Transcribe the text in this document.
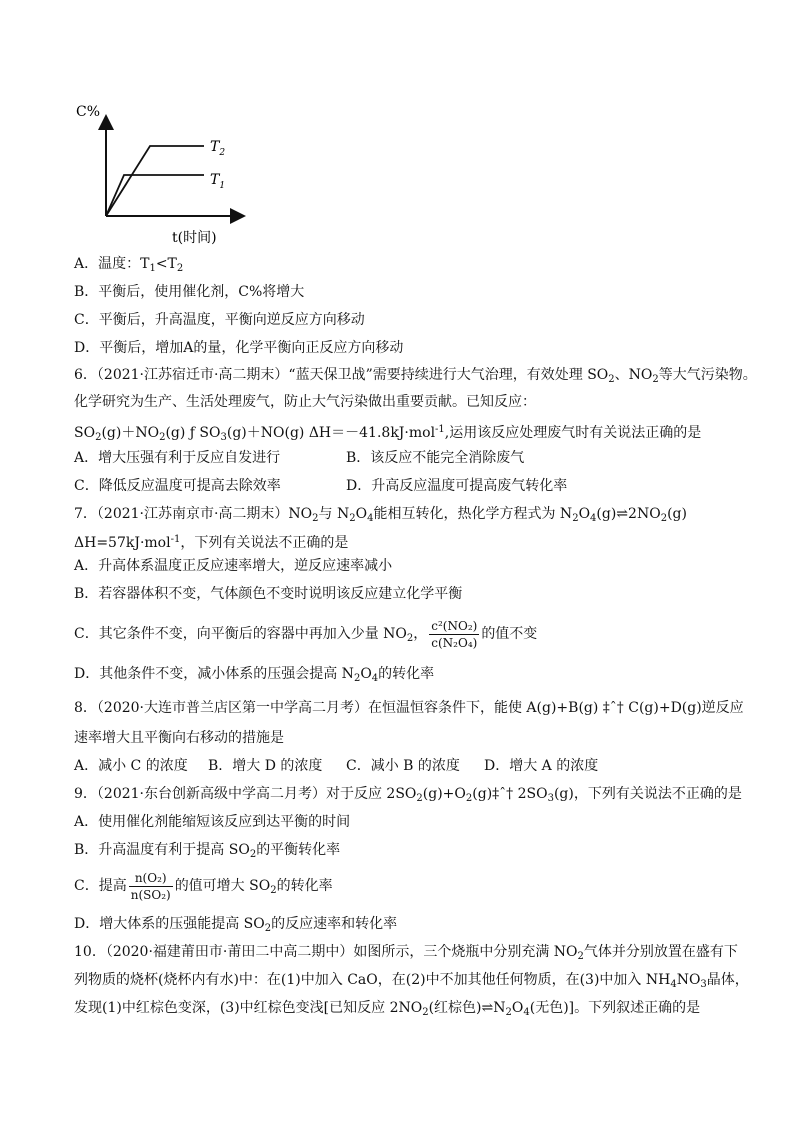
C%
$T_2$
$T_1$
t(时间)
A．温度：$T_1<T_2$
B．平衡后，使用催化剂，C%将增大
C．平衡后，升高温度，平衡向逆反应方向移动
D．平衡后，增加A的量，化学平衡向正反应方向移动
6．（2021·江苏宿迁市·高二期末）“蓝天保卫战”需要持续进行大气治理，有效处理 $SO_2$、$NO_2$等大气污染物。
化学研究为生产、生活处理废气，防止大气污染做出重要贡献。已知反应：
$SO_2(g)+NO_2(g)$ ƒ $SO_3(g)+NO(g)$ ΔH＝－41.8kJ·mol$^{-1}$,运用该反应处理废气时有关说法正确的是
A．增大压强有利于反应自发进行	B．该反应不能完全消除废气
C．降低反应温度可提高去除效率	D．升高反应温度可提高废气转化率
7．（2021·江苏南京市·高二期末）$NO_2$与 $N_2O_4$能相互转化，热化学方程式为 $N_2O_4(g)\rightleftharpoons 2NO_2(g)$
ΔH=57kJ·mol$^{-1}$，下列有关说法不正确的是
A．升高体系温度正反应速率增大，逆反应速率减小
B．若容器体积不变，气体颜色不变时说明该反应建立化学平衡
C．其它条件不变，向平衡后的容器中再加入少量 $NO_2$， $\frac{\text{c²(NO₂)}}{\text{c(N₂O₄)}}$ 的值不变
D．其他条件不变，减小体系的压强会提高 $N_2O_4$的转化率
8．（2020·大连市普兰店区第一中学高二月考）在恒温恒容条件下，能使 A(g)+B(g) ‡ˆ† C(g)+D(g)逆反应
速率增大且平衡向右移动的措施是
A．减小 C 的浓度 B．增大 D 的浓度 C．减小 B 的浓度 D．增大 A 的浓度
9．（2021·东台创新高级中学高二月考）对于反应 $2SO_2(g)+O_2(g)\ddagger ˆ\dagger$ $2SO_3(g)$，下列有关说法不正确的是
A．使用催化剂能缩短该反应到达平衡的时间
B．升高温度有利于提高 $SO_2$的平衡转化率
C．提高 $\frac{\text{n(O₂)}}{\text{n(SO₂)}}$ 的值可增大 $SO_2$的转化率
D．增大体系的压强能提高 $SO_2$的反应速率和转化率
10．（2020·福建莆田市·莆田二中高二期中）如图所示，三个烧瓶中分别充满 $NO_2$气体并分别放置在盛有下
列物质的烧杯(烧杯内有水)中：在(1)中加入 CaO，在(2)中不加其他任何物质，在(3)中加入 $NH_4NO_3$晶体，
发现(1)中红棕色变深，(3)中红棕色变浅[已知反应 $2NO_2$(红棕色)$\rightleftharpoons N_2O_4$(无色)]。下列叙述正确的是
